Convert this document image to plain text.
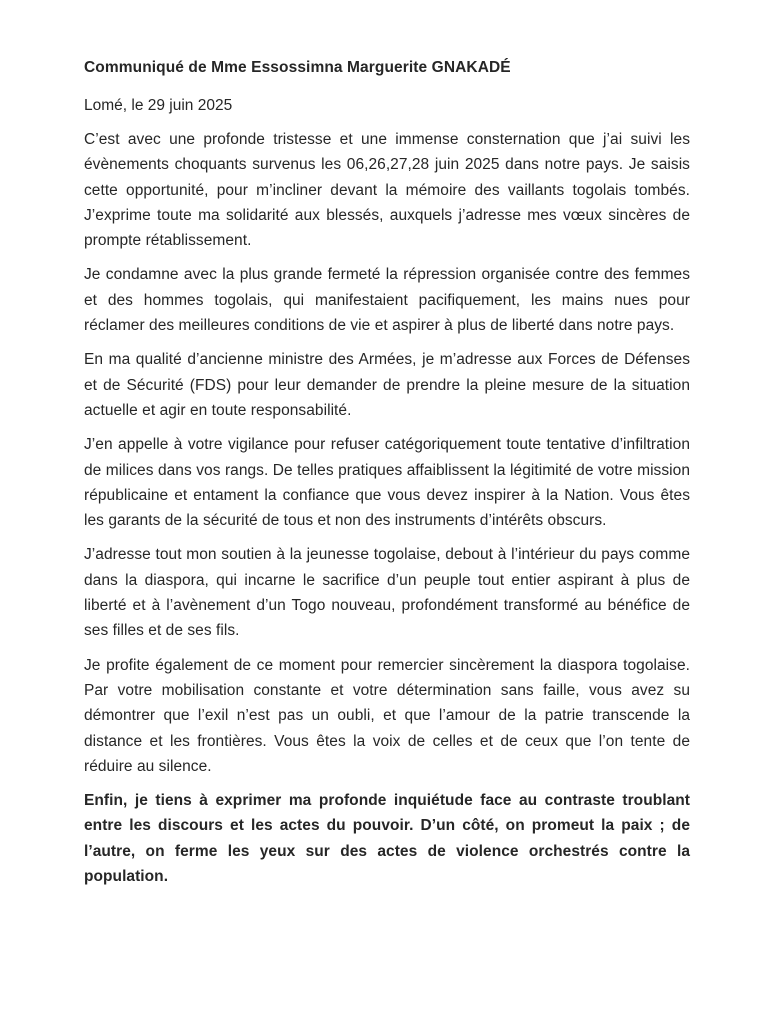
Communiqué de Mme Essossimna Marguerite GNAKADÉ

Lomé, le 29 juin 2025

C’est avec une profonde tristesse et une immense consternation que j’ai suivi les évènements choquants survenus les 06,26,27,28 juin 2025 dans notre pays. Je saisis cette opportunité, pour m’incliner devant la mémoire des vaillants togolais tombés. J’exprime toute ma solidarité aux blessés, auxquels j’adresse mes vœux sincères de prompte rétablissement.

Je condamne avec la plus grande fermeté la répression organisée contre des femmes et des hommes togolais, qui manifestaient pacifiquement, les mains nues pour réclamer des meilleures conditions de vie et aspirer à plus de liberté dans notre pays.

En ma qualité d’ancienne ministre des Armées, je m’adresse aux Forces de Défenses et de Sécurité (FDS) pour leur demander de prendre la pleine mesure de la situation actuelle et agir en toute responsabilité.

J’en appelle à votre vigilance pour refuser catégoriquement toute tentative d’infiltration de milices dans vos rangs. De telles pratiques affaiblissent la légitimité de votre mission républicaine et entament la confiance que vous devez inspirer à la Nation. Vous êtes les garants de la sécurité de tous et non des instruments d’intérêts obscurs.

J’adresse tout mon soutien à la jeunesse togolaise, debout à l’intérieur du pays comme dans la diaspora, qui incarne le sacrifice d’un peuple tout entier aspirant à plus de liberté et à l’avènement d’un Togo nouveau, profondément transformé au bénéfice de ses filles et de ses fils.

Je profite également de ce moment pour remercier sincèrement la diaspora togolaise. Par votre mobilisation constante et votre détermination sans faille, vous avez su démontrer que l’exil n’est pas un oubli, et que l’amour de la patrie transcende la distance et les frontières. Vous êtes la voix de celles et de ceux que l’on tente de réduire au silence.

Enfin, je tiens à exprimer ma profonde inquiétude face au contraste troublant entre les discours et les actes du pouvoir. D’un côté, on promeut la paix ; de l’autre, on ferme les yeux sur des actes de violence orchestrés contre la population.
